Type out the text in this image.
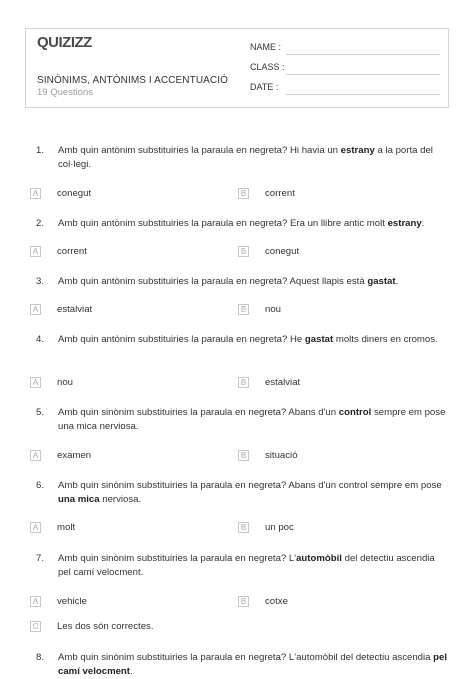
QUIZIZZ
SINÒNIMS, ANTÒNIMS I ACCENTUACIÓ
19 Questions
NAME :
CLASS :
DATE :
1. Amb quin antònim substituiries la paraula en negreta? Hi havia un estrany a la porta del col·legi.
A conegut	B corrent
2. Amb quin antònim substituiries la paraula en negreta? Era un llibre antic molt estrany.
A corrent	B conegut
3. Amb quin antònim substituiries la paraula en negreta? Aquest llapis està gastat.
A estalviat	B nou
4. Amb quin antònim substituiries la paraula en negreta? He gastat molts diners en cromos.
A nou	B estalviat
5. Amb quin sinònim substituiries la paraula en negreta? Abans d'un control sempre em pose una mica nerviosa.
A examen	B situació
6. Amb quin sinònim substituiries la paraula en negreta? Abans d'un control sempre em pose una mica nerviosa.
A molt	B un poc
7. Amb quin sinònim substituiries la paraula en negreta? L'automòbil del detectiu ascendia pel camí velocment.
A vehicle	B cotxe
C Les dos són correctes.
8. Amb quin sinònim substituiries la paraula en negreta? L'automòbil del detectiu ascendia pel camí velocment.
